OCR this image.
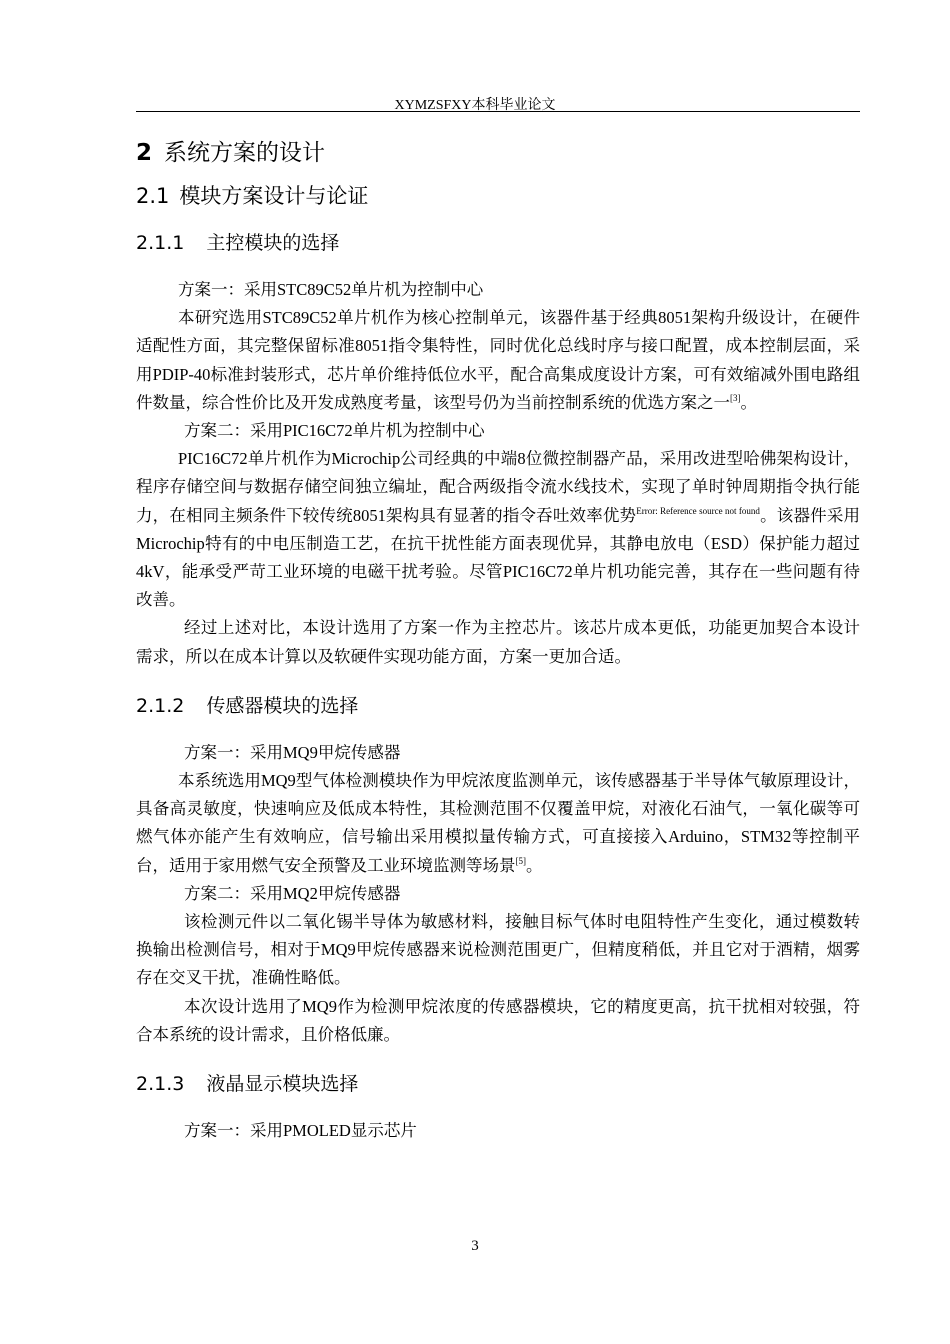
XYMZSFXY本科毕业论文
2 系统方案的设计
2.1 模块方案设计与论证
2.1.1 主控模块的选择

方案一：采用STC89C52单片机为控制中心

本研究选用STC89C52单片机作为核心控制单元，该器件基于经典8051架构升级设计，在硬件适配性方面，其完整保留标准8051指令集特性，同时优化总线时序与接口配置，成本控制层面，采用PDIP-40标准封装形式，芯片单价维持低位水平，配合高集成度设计方案，可有效缩减外围电路组件数量，综合性价比及开发成熟度考量，该型号仍为当前控制系统的优选方案之一[3]。

方案二：采用PIC16C72单片机为控制中心

PIC16C72单片机作为Microchip公司经典的中端8位微控制器产品，采用改进型哈佛架构设计，程序存储空间与数据存储空间独立编址，配合两级指令流水线技术，实现了单时钟周期指令执行能力，在相同主频条件下较传统8051架构具有显著的指令吞吐效率优势$^{Error: Reference source not found}$。该器件采用Microchip特有的中电压制造工艺，在抗干扰性能方面表现优异，其静电放电（ESD）保护能力超过4kV，能承受严苛工业环境的电磁干扰考验。尽管PIC16C72单片机功能完善，其存在一些问题有待改善。

经过上述对比，本设计选用了方案一作为主控芯片。该芯片成本更低，功能更加契合本设计需求，所以在成本计算以及软硬件实现功能方面，方案一更加合适。

2.1.2 传感器模块的选择

方案一：采用MQ9甲烷传感器

本系统选用MQ9型气体检测模块作为甲烷浓度监测单元，该传感器基于半导体气敏原理设计，具备高灵敏度，快速响应及低成本特性，其检测范围不仅覆盖甲烷，对液化石油气，一氧化碳等可燃气体亦能产生有效响应，信号输出采用模拟量传输方式，可直接接入Arduino，STM32等控制平台，适用于家用燃气安全预警及工业环境监测等场景[5]。

方案二：采用MQ2甲烷传感器

该检测元件以二氧化锡半导体为敏感材料，接触目标气体时电阻特性产生变化，通过模数转换输出检测信号，相对于MQ9甲烷传感器来说检测范围更广，但精度稍低，并且它对于酒精，烟雾存在交叉干扰，准确性略低。

本次设计选用了MQ9作为检测甲烷浓度的传感器模块，它的精度更高，抗干扰相对较强，符合本系统的设计需求，且价格低廉。

2.1.3 液晶显示模块选择

方案一：采用PMOLED显示芯片

3
